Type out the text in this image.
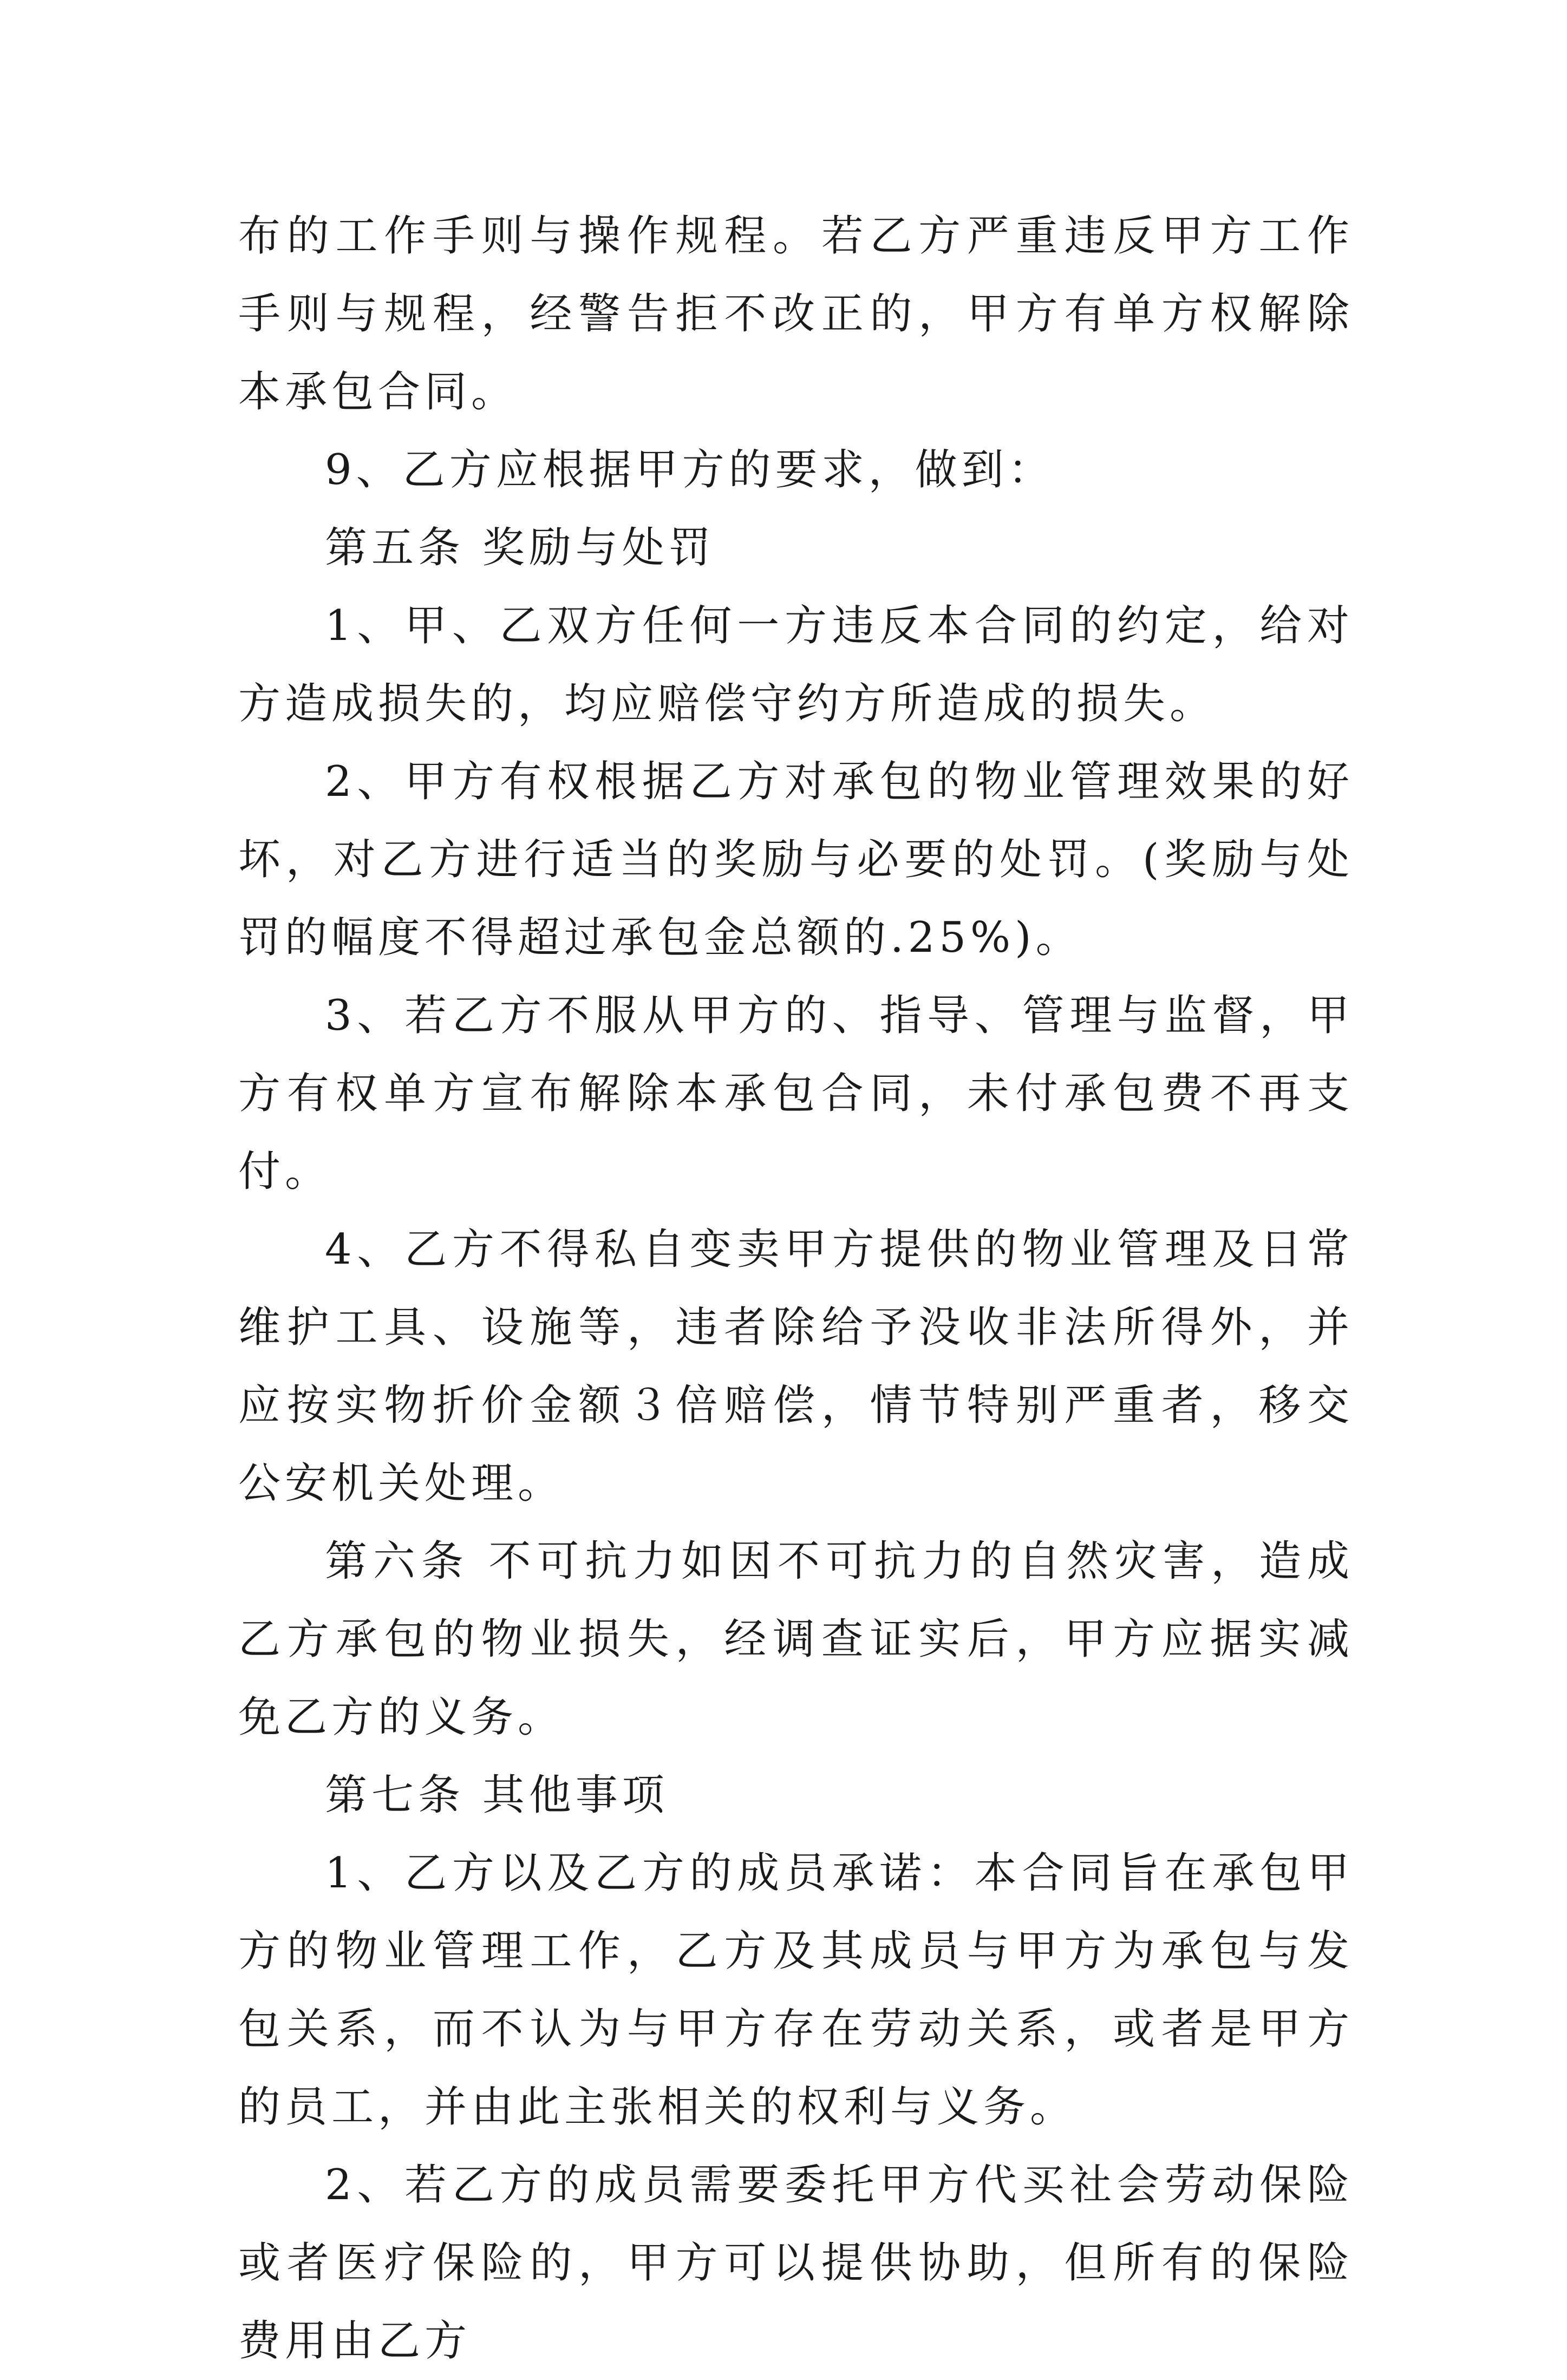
布的工作手则与操作规程。若乙方严重违反甲方工作手则与规程，经警告拒不改正的，甲方有单方权解除本承包合同。

9、乙方应根据甲方的要求，做到：

第五条 奖励与处罚

1、甲、乙双方任何一方违反本合同的约定，给对方造成损失的，均应赔偿守约方所造成的损失。

2、甲方有权根据乙方对承包的物业管理效果的好坏，对乙方进行适当的奖励与必要的处罚。(奖励与处罚的幅度不得超过承包金总额的.25%)。

3、若乙方不服从甲方的、指导、管理与监督，甲方有权单方宣布解除本承包合同，未付承包费不再支付。

4、乙方不得私自变卖甲方提供的物业管理及日常维护工具、设施等，违者除给予没收非法所得外，并应按实物折价金额３倍赔偿，情节特别严重者，移交公安机关处理。

第六条 不可抗力如因不可抗力的自然灾害，造成乙方承包的物业损失，经调查证实后，甲方应据实减免乙方的义务。

第七条 其他事项

1、乙方以及乙方的成员承诺：本合同旨在承包甲方的物业管理工作，乙方及其成员与甲方为承包与发包关系，而不认为与甲方存在劳动关系，或者是甲方的员工，并由此主张相关的权利与义务。

2、若乙方的成员需要委托甲方代买社会劳动保险或者医疗保险的，甲方可以提供协助，但所有的保险费用由乙方
